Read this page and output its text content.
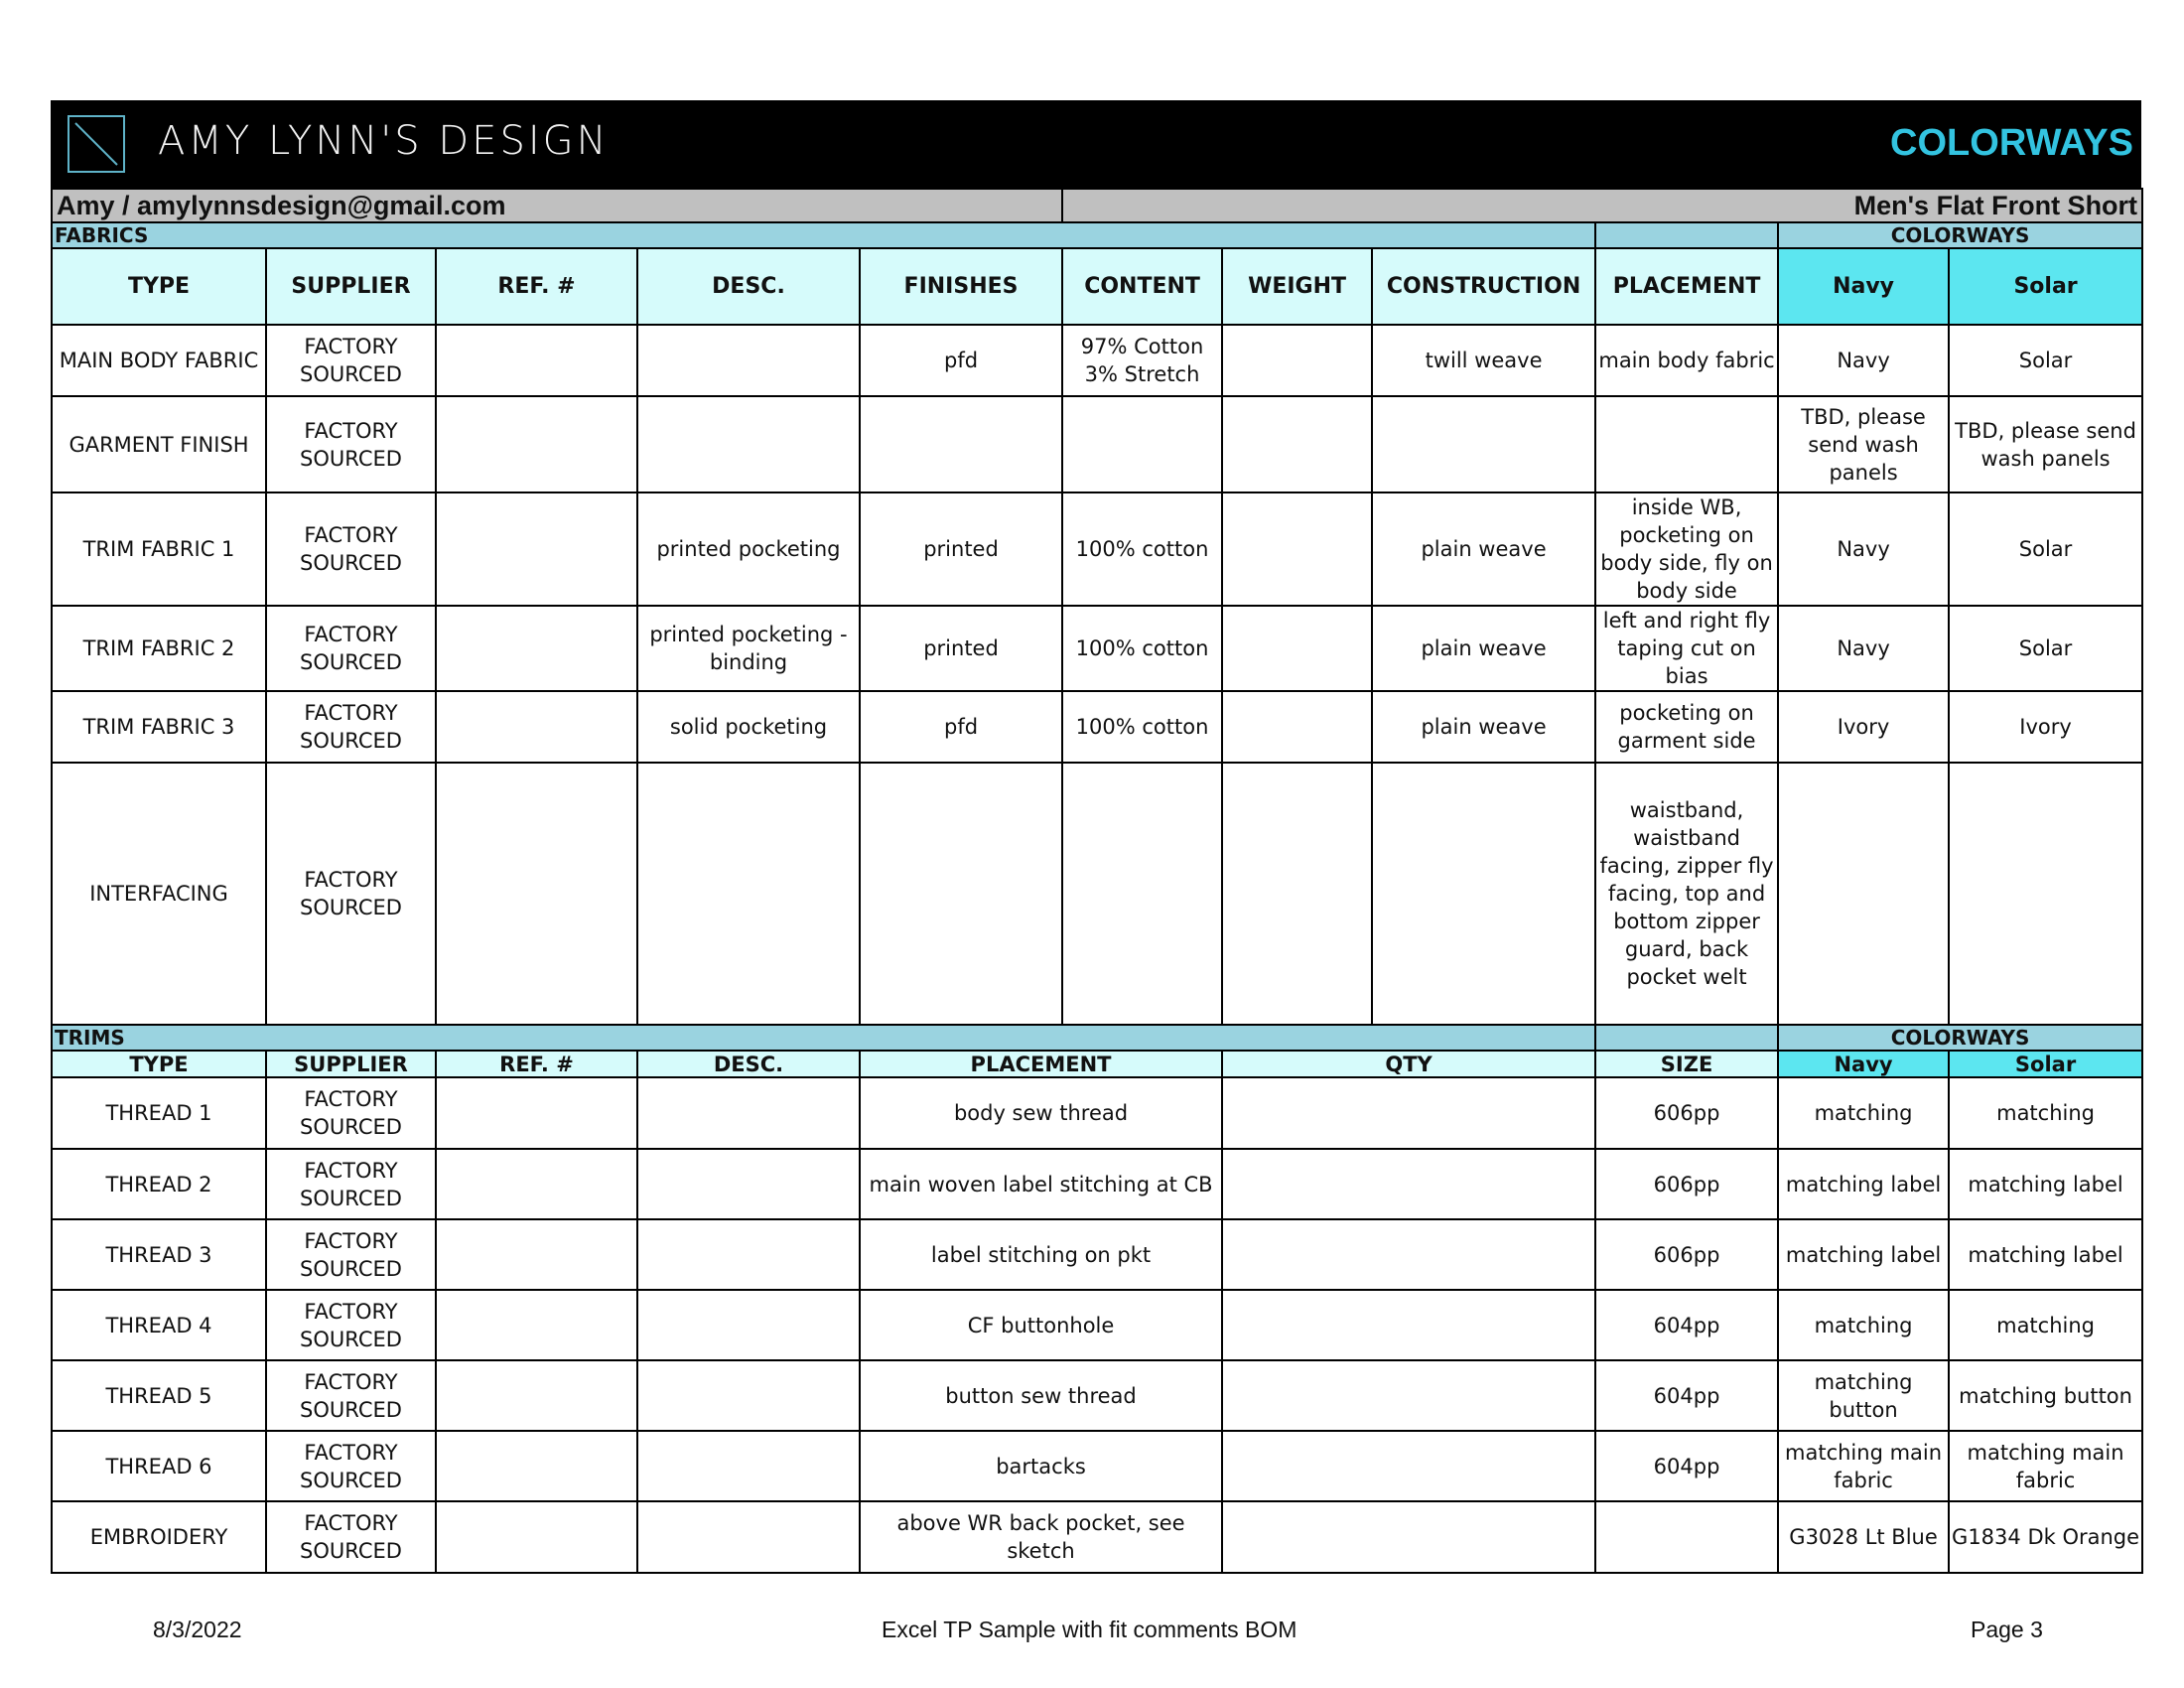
AMY LYNN'S DESIGN	COLORWAYS
Amy / amylynnsdesign@gmail.com					Men's Flat Front Short					
FABRICS									COLORWAYS	
TYPE	SUPPLIER	REF. #	DESC.	FINISHES	CONTENT	WEIGHT	CONSTRUCTION	PLACEMENT	Navy	Solar
MAIN BODY FABRIC	FACTORY SOURCED			pfd	97% Cotton 3% Stretch		twill weave	main body fabric	Navy	Solar
GARMENT FINISH	FACTORY SOURCED								TBD, please send wash panels	TBD, please send wash panels
TRIM FABRIC 1	FACTORY SOURCED		printed pocketing	printed	100% cotton		plain weave	inside WB, pocketing on body side, fly on body side	Navy	Solar
TRIM FABRIC 2	FACTORY SOURCED		printed pocketing - binding	printed	100% cotton		plain weave	left and right fly taping cut on bias	Navy	Solar
TRIM FABRIC 3	FACTORY SOURCED		solid pocketing	pfd	100% cotton		plain weave	pocketing on garment side	Ivory	Ivory
INTERFACING	FACTORY SOURCED							waistband, waistband facing, zipper fly facing, top and bottom zipper guard, back pocket welt		
TRIMS									COLORWAYS	
TYPE	SUPPLIER	REF. #	DESC.	PLACEMENT		QTY		SIZE	Navy	Solar
THREAD 1	FACTORY SOURCED			body sew thread				606pp	matching	matching
THREAD 2	FACTORY SOURCED			main woven label stitching at CB				606pp	matching label	matching label
THREAD 3	FACTORY SOURCED			label stitching on pkt				606pp	matching label	matching label
THREAD 4	FACTORY SOURCED			CF buttonhole				604pp	matching	matching
THREAD 5	FACTORY SOURCED			button sew thread				604pp	matching button	matching button
THREAD 6	FACTORY SOURCED			bartacks				604pp	matching main fabric	matching main fabric
EMBROIDERY	FACTORY SOURCED			above WR back pocket, see sketch					G3028 Lt Blue	G1834 Dk Orange
8/3/2022	Excel TP Sample with fit comments BOM	Page 3
